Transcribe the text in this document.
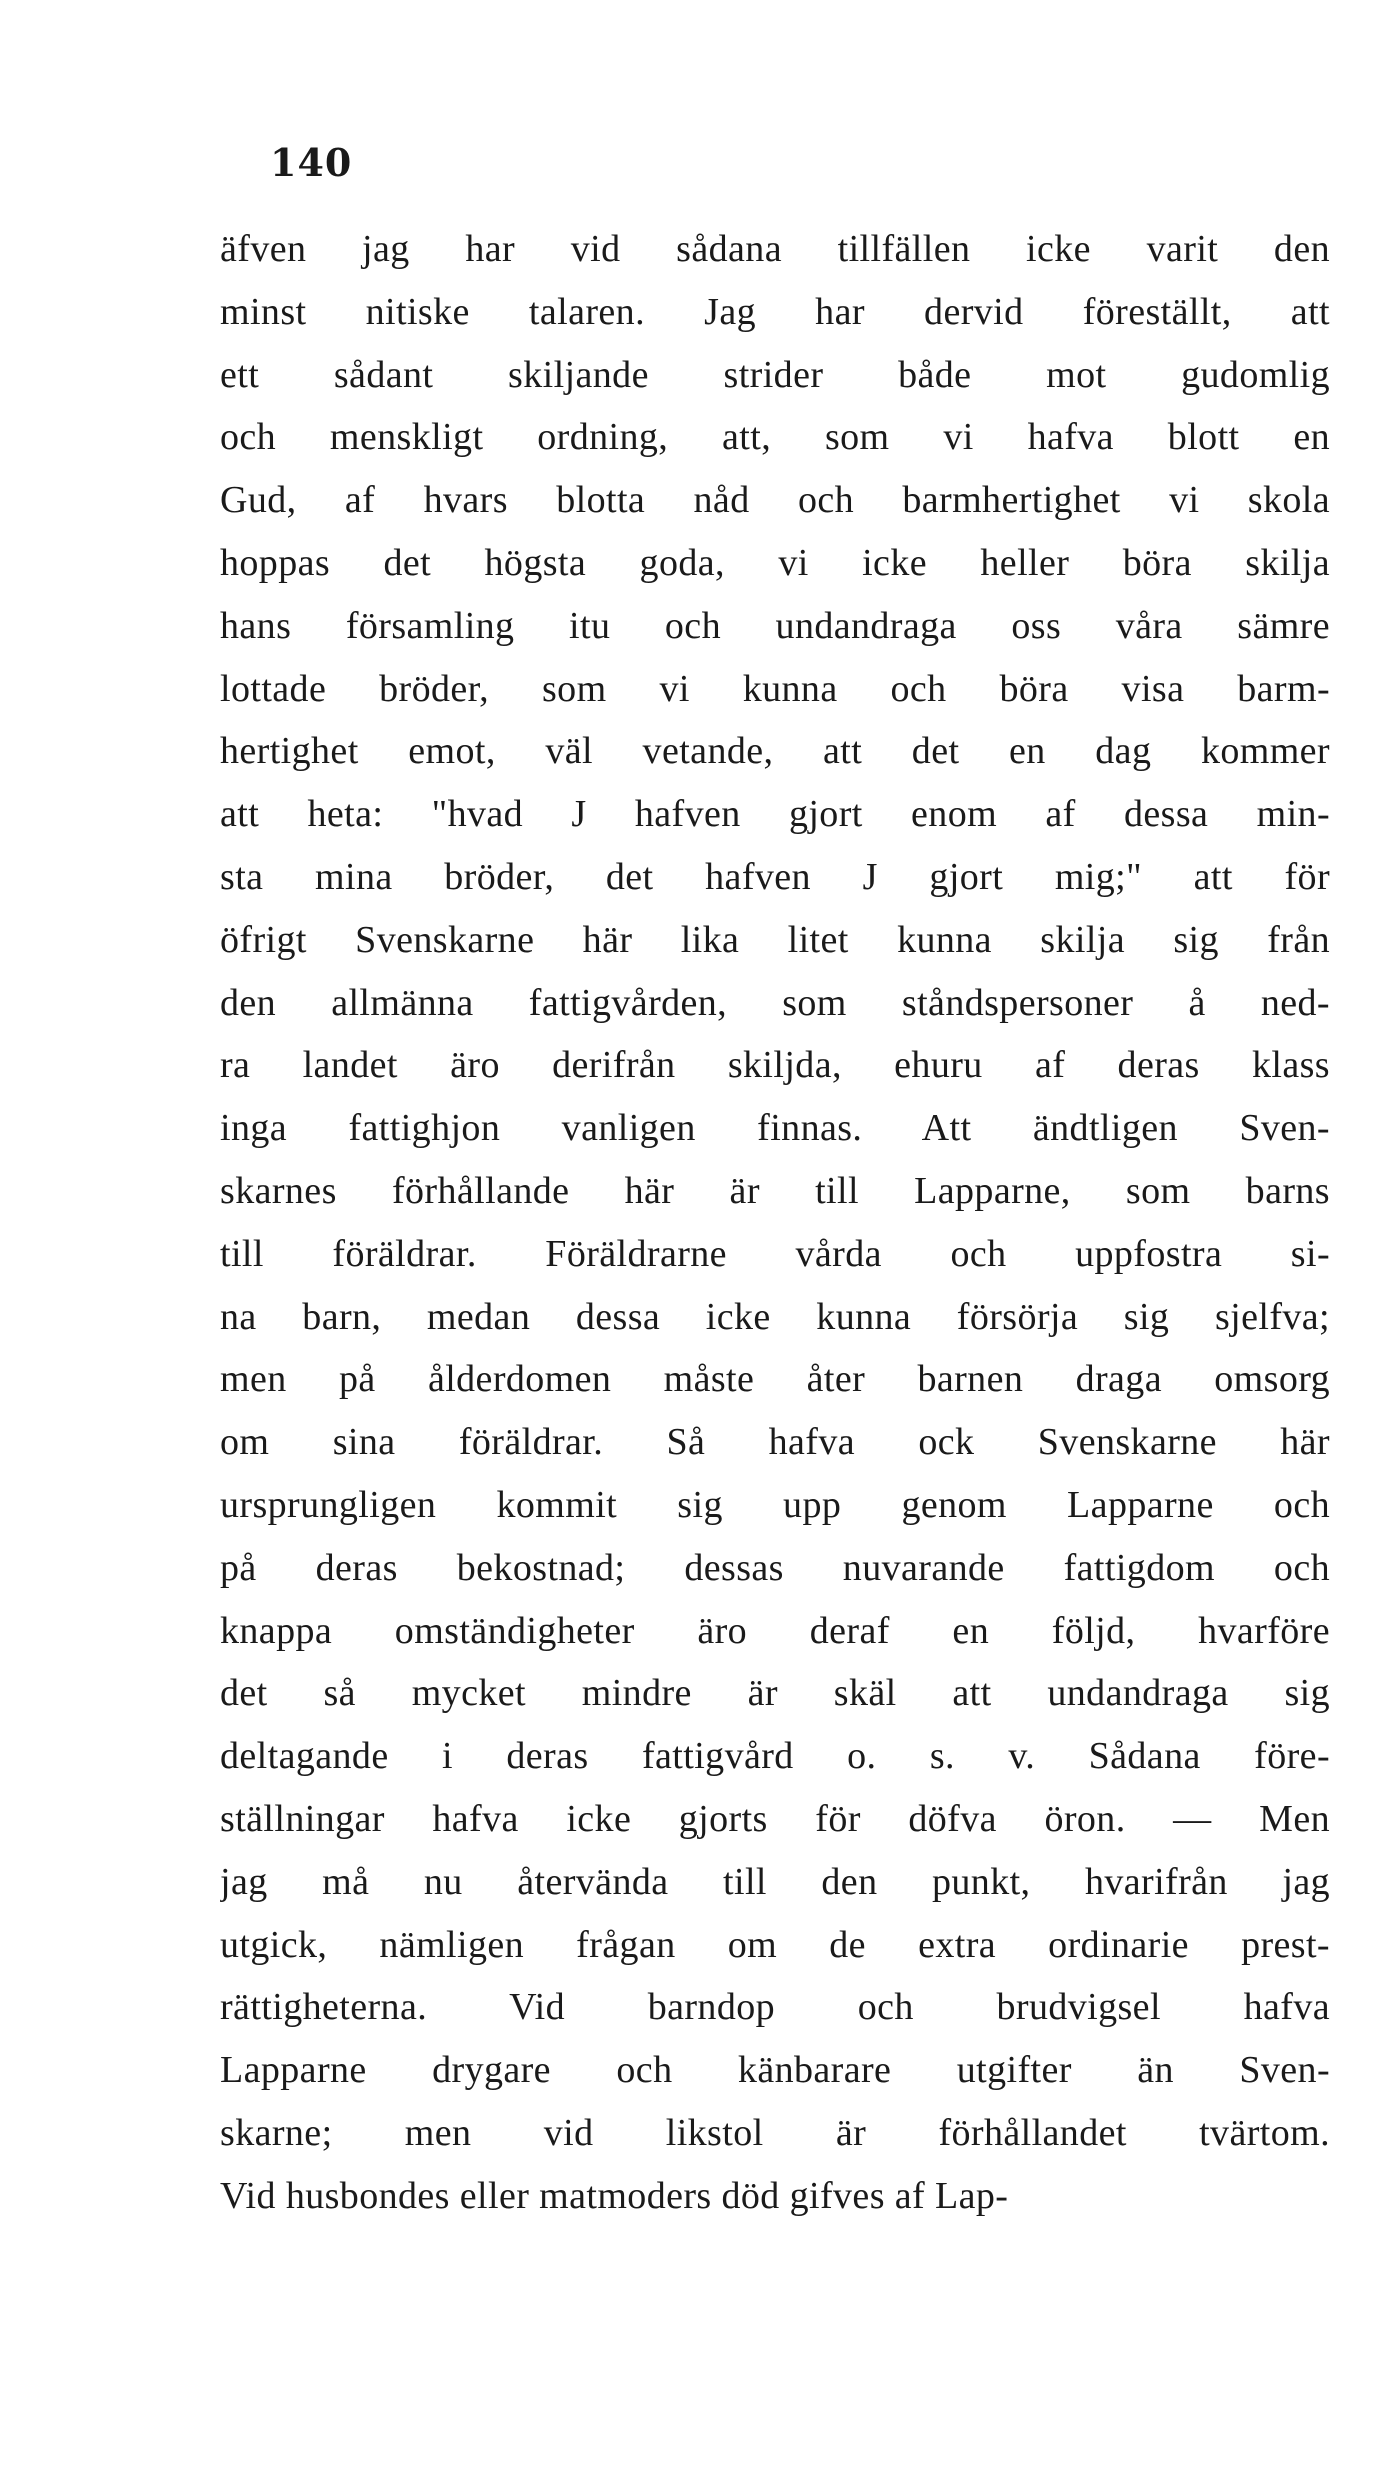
140
äfven jag har vid sådana tillfällen icke varit den
minst nitiske talaren. Jag har dervid föreställt, att
ett sådant skiljande strider både mot gudomlig
och menskligt ordning, att, som vi hafva blott en
Gud, af hvars blotta nåd och barmhertighet vi skola
hoppas det högsta goda, vi icke heller böra skilja
hans församling itu och undandraga oss våra sämre
lottade bröder, som vi kunna och böra visa barm-
hertighet emot, väl vetande, att det en dag kommer
att heta: "hvad J hafven gjort enom af dessa min-
sta mina bröder, det hafven J gjort mig;" att för
öfrigt Svenskarne här lika litet kunna skilja sig från
den allmänna fattigvården, som ståndspersoner å ned-
ra landet äro derifrån skiljda, ehuru af deras klass
inga fattighjon vanligen finnas. Att ändtligen Sven-
skarnes förhållande här är till Lapparne, som barns
till föräldrar. Föräldrarne vårda och uppfostra si-
na barn, medan dessa icke kunna försörja sig sjelfva;
men på ålderdomen måste åter barnen draga omsorg
om sina föräldrar. Så hafva ock Svenskarne här
ursprungligen kommit sig upp genom Lapparne och
på deras bekostnad; dessas nuvarande fattigdom och
knappa omständigheter äro deraf en följd, hvarföre
det så mycket mindre är skäl att undandraga sig
deltagande i deras fattigvård o. s. v. Sådana före-
ställningar hafva icke gjorts för döfva öron. — Men
jag må nu återvända till den punkt, hvarifrån jag
utgick, nämligen frågan om de extra ordinarie prest-
rättigheterna. Vid barndop och brudvigsel hafva
Lapparne drygare och känbarare utgifter än Sven-
skarne; men vid likstol är förhållandet tvärtom.
Vid husbondes eller matmoders död gifves af Lap-
